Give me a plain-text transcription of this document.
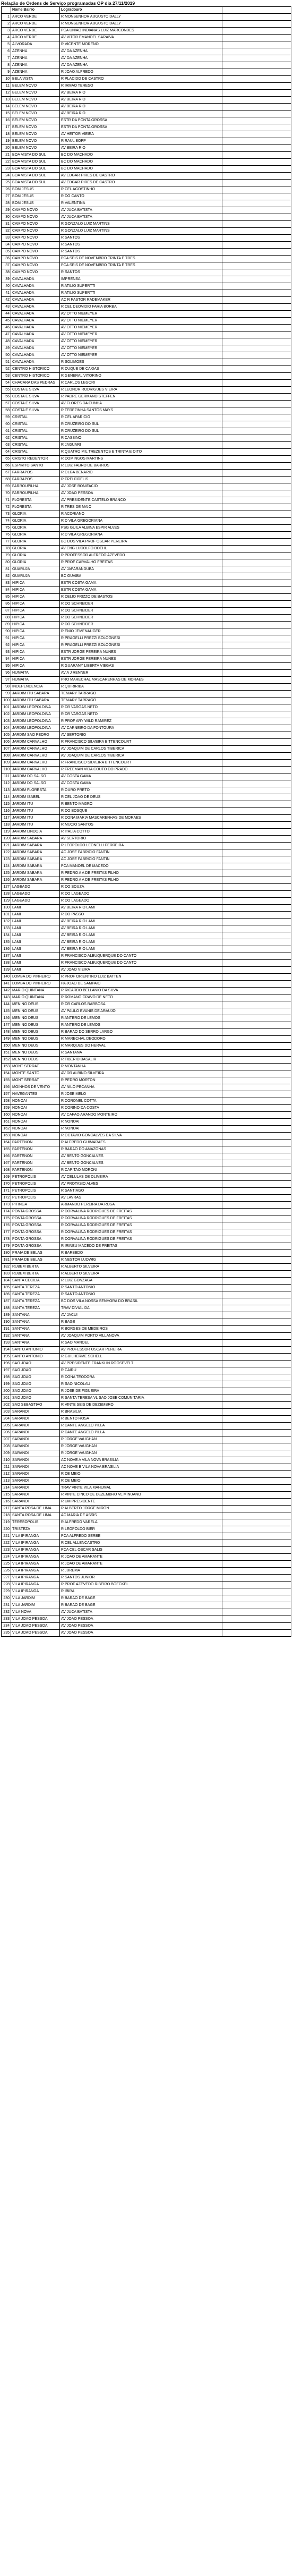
Relação de Ordens de Serviço programadas OP dia 27/11/2019
	Nome Bairro	Logradouro	
1	ARCO VERDE	R MONSENHOR AUGUSTO DALLY	
2	ARCO VERDE	R MONSENHOR AUGUSTO DALLY	
3	ARCO VERDE	PCA UNIAO INDIANAS LUIZ MARCONDES	
4	ARCO VERDE	AV VITOR EMANOEL SARAIVA	
5	ALVORADA	R VICENTE MORENO	
6	AZENHA	AV DA AZENHA	
7	AZENHA	AV DA AZENHA	
8	AZENHA	AV DA AZENHA	
9	AZENHA	R JOAO ALFREDO	
10	BELA VISTA	R PLACIDO DE CASTRO	
11	BELEM NOVO	R IRMAO TERESO	
12	BELEM NOVO	AV BEIRA RIO	
13	BELEM NOVO	AV BEIRA RIO	
14	BELEM NOVO	AV BEIRA RIO	
15	BELEM NOVO	AV BEIRA RIO	
16	BELEM NOVO	ESTR DA PONTA GROSSA	
17	BELEM NOVO	ESTR DA PONTA GROSSA	
18	BELEM NOVO	AV HEITOR VIEIRA	
19	BELEM NOVO	R RAUL BOPP	
20	BELEM NOVO	AV BEIRA RIO	
21	BOA VISTA DO SUL	BC DO MACHADO	
22	BOA VISTA DO SUL	BC DO MACHADO	
23	BOA VISTA DO SUL	BC DO MACHADO	
24	BOA VISTA DO SUL	AV EDGAR PIRES DE CASTRO	
25	BOA VISTA DO SUL	AV EDGAR PIRES DE CASTRO	
26	BOM JESUS	R CEL AGOSTINHO	
27	BOM JESUS	R DO CANTO	
28	BOM JESUS	R VALENTINA	
29	CAMPO NOVO	AV JUCA BATISTA	
30	CAMPO NOVO	AV JUCA BATISTA	
31	CAMPO NOVO	R GONZALO LUIZ MARTINS	
32	CAMPO NOVO	R GONZALO LUIZ MARTINS	
33	CAMPO NOVO	R SANTOS	
34	CAMPO NOVO	R SANTOS	
35	CAMPO NOVO	R SANTOS	
36	CAMPO NOVO	PCA SEIS DE NOVEMBRO TRINTA E TRES	
37	CAMPO NOVO	PCA SEIS DE NOVEMBRO TRINTA E TRES	
38	CAMPO NOVO	R SANTOS	
39	CAVALHADA	IMPRENSA	
40	CAVALHADA	R ATILIO SUPERTTI	
41	CAVALHADA	R ATILIO SUPERTTI	
42	CAVALHADA	AC R PASTOR RADEMAKER	
43	CAVALHADA	R CEL DEOVIDIO FARIA BORBA	
44	CAVALHADA	AV OTTO NIEMEYER	
45	CAVALHADA	AV OTTO NIEMEYER	
46	CAVALHADA	AV OTTO NIEMEYER	
47	CAVALHADA	AV OTTO NIEMEYER	
48	CAVALHADA	AV OTTO NIEMEYER	
49	CAVALHADA	AV OTTO NIEMEYER	
50	CAVALHADA	AV OTTO NIEMEYER	
51	CAVALHADA	R SOLIMOES	
52	CENTRO HISTORICO	R DUQUE DE CAXIAS	
53	CENTRO HISTORICO	R GENERAL VITORINO	
54	CHACARA DAS PEDRAS	R CARLOS LEGORI	
55	COSTA E SILVA	R LEONOR RODRIGUES VIEIRA	
56	COSTA E SILVA	R PADRE GERMANO STEFFEN	
57	COSTA E SILVA	AV FLORES DA CUNHA	
58	COSTA E SILVA	R TEREZINHA SANTOS MAYS	
59	CRISTAL	R CEL APARICIO	
60	CRISTAL	R CRUZEIRO DO SUL	
61	CRISTAL	R CRUZEIRO DO SUL	
62	CRISTAL	R CASSINO	
63	CRISTAL	R JAGUARI	
64	CRISTAL	R QUATRO MIL TREZENTOS E TRINTA E OITO	
65	CRISTO REDENTOR	R DOMINGOS MARTINS	
66	ESPIRITO SANTO	R LUIZ FABRO DE BARROS	
67	FARRAPOS	R OLGA BENARIO	
68	FARRAPOS	R FREI FIDELIS	
69	FARROUPILHA	AV JOSE BONIFACIO	
70	FARROUPILHA	AV JOAO PESSOA	
71	FLORESTA	AV PRESIDENTE CASTELO BRANCO	
72	FLORESTA	R TRES DE MAIO	
73	GLORIA	R ACORIANO	
74	GLORIA	R D VILA GREGORIANA	
75	GLORIA	PSG GUILA ALBINA ESPIR ALVES	
76	GLORIA	R D VILA GREGORIANA	
77	GLORIA	BC DOS VILA PROF OSCAR PEREIRA	
78	GLORIA	AV ENG LUDOLFO BOEHL	
79	GLORIA	R PROFESSOR ALFREDO AZEVEDO	
80	GLORIA	R PROF CARVALHO FREITAS	
81	GUARUJA	AV JAPARANDUBA	
82	GUARUJA	BC GUAIBA	
83	HIPICA	ESTR COSTA GAMA	
84	HIPICA	ESTR COSTA GAMA	
85	HIPICA	R DELIO FRIZZO DE BASTOS	
86	HIPICA	R DO SCHNEIDER	
87	HIPICA	R DO SCHNEIDER	
88	HIPICA	R DO SCHNEIDER	
89	HIPICA	R DO SCHNEIDER	
90	HIPICA	R ENIO JEMENAUGER	
91	HIPICA	R PRAGELLI PREZZI BOLOGNESI	
92	HIPICA	R PRAGELLI PREZZI BOLOGNESI	
93	HIPICA	ESTR JORGE PEREIRA NUNES	
94	HIPICA	ESTR JORGE PEREIRA NUNES	
95	HIPICA	R GUARANY LIBERTA VIEGAS	
96	HUMAITA	AV A J RENNER	
97	HUMAITA	PRO MARECHAL MASCARENHAS DE MORAES	
98	INDEPENDENCIA	R QUIRIRIBA	
99	JARDIM ITU SABARA	TENIARY TARRAGO	
100	JARDIM ITU SABARA	TENIARY TARRAGO	
101	JARDIM LEOPOLDINA	R DR VARGAS NETO	
102	JARDIM LEOPOLDINA	R DR VARGAS NETO	
103	JARDIM LEOPOLDINA	R PROF ARY WILD RAMIREZ	
104	JARDIM LEOPOLDINA	AV CARNEIRO DA FONTOURA	
105	JARDIM SAO PEDRO	AV SERTORIO	
106	JARDIM CARVALHO	R FRANCISCO SILVEIRA BITTENCOURT	
107	JARDIM CARVALHO	AV JOAQUIM DE CARLOS TIBERICA	
108	JARDIM CARVALHO	AV JOAQUIM DE CARLOS TIBERICA	
109	JARDIM CARVALHO	R FRANCISCO SILVEIRA BITTENCOURT	
110	JARDIM CARVALHO	R FREEMAN VIDA COUTO DO PRADO	
111	JARDIM DO SALSO	AV COSTA GAMA	
112	JARDIM DO SALSO	AV COSTA GAMA	
113	JARDIM FLORESTA	R OURO PRETO	
114	JARDIM ISABEL	R CEL JOAO DE DEUS	
115	JARDIM ITU	R BENTO MAGRO	
116	JARDIM ITU	R DO BOSQUE	
117	JARDIM ITU	R DONA MARIA MASCARENHAS DE MORAES	
118	JARDIM ITU	R MUCIO SANTOS	
119	JARDIM LINDOIA	R ITALIA COTTO	
120	JARDIM SABARA	AV SERTORIO	
121	JARDIM SABARA	R LEOPOLDO LEONELLI FERREIRA	
122	JARDIM SABARA	AC JOSE FABRICIO FANTIN	
123	JARDIM SABARA	AC JOSE FABRICIO FANTIN	
124	JARDIM SABARA	PCA MANOEL DE MACEDO	
125	JARDIM SABARA	R PEDRO A A DE FREITAS FILHO	
126	JARDIM SABARA	R PEDRO A A DE FREITAS FILHO	
127	LAGEADO	R DO SOUZA	
128	LAGEADO	R DO LAGEADO	
129	LAGEADO	R DO LAGEADO	
130	LAMI	AV BEIRA RIO LAMI	
131	LAMI	R DO PASSO	
132	LAMI	AV BEIRA RIO LAMI	
133	LAMI	AV BEIRA RIO LAMI	
134	LAMI	AV BEIRA RIO LAMI	
135	LAMI	AV BEIRA RIO LAMI	
136	LAMI	AV BEIRA RIO LAMI	
137	LAMI	R FRANCISCO ALBUQUERQUE DO CANTO	
138	LAMI	R FRANCISCO ALBUQUERQUE DO CANTO	
139	LAMI	AV JOAO VIEIRA	
140	LOMBA DO PINHEIRO	R PROF ORIENTINO LUIZ BATTEN	
141	LOMBA DO PINHEIRO	PA JOAO DE SAMPAIO	
142	MARIO QUINTANA	R RICARDO BELLANIO DA SILVA	
143	MARIO QUINTANA	R ROMANO CRAVO DE NETO	
144	MENINO DEUS	R DR CARLOS BARBOSA	
145	MENINO DEUS	AV PAULO EVANIS DE ARAUJO	
146	MENINO DEUS	R ANTERO DE LEMOS	
147	MENINO DEUS	R ANTERO DE LEMOS	
148	MENINO DEUS	R BARAO DO SERRO LARGO	
149	MENINO DEUS	R MARECHAL DEODORO	
150	MENINO DEUS	R MARQUES DO HERVAL	
151	MENINO DEUS	R SANTANA	
152	MENINO DEUS	R TIBERIO BASALIR	
153	MONT SERRAT	R MONTANHA	
154	MONTE SANTO	AV DR ALBINO SILVEIRA	
155	MONT SERRAT	R PEDRO MORTON	
156	MOINHOS DE VENTO	AV NILO PECANHA	
157	NAVEGANTES	R JOSE MELO	
158	NONOAI	R CORONEL COTTA	
159	NONOAI	R CORINO DA COSTA	
160	NONOAI	AV CAPAO ARANDO MONTEIRO	
161	NONOAI	R NONOAI	
162	NONOAI	R NONOAI	
163	NONOAI	R OCTAVIO GONCALVES DA SILVA	
164	PARTENON	R ALFREDO GUIMARAES	
165	PARTENON	R BARAO DO AMAZONAS	
166	PARTENON	AV BENTO GONCALVES	
167	PARTENON	AV BENTO GONCALVES	
168	PARTENON	R CAPITAO MORONI	
169	PETROPOLIS	AV CELULAS DE OLIVEIRA	
170	PETROPOLIS	AV PROTASIO ALVES	
171	PETROPOLIS	R SANTIAGO	
172	PETROPOLIS	AV LAVRAS	
173	PITINGA	ARMANDO PEREIRA DA ROSA	
174	PONTA GROSSA	R DORVALINA RODRIGUES DE FREITAS	
175	PONTA GROSSA	R DORVALINA RODRIGUES DE FREITAS	
176	PONTA GROSSA	R DORVALINA RODRIGUES DE FREITAS	
177	PONTA GROSSA	R DORVALINA RODRIGUES DE FREITAS	
178	PONTA GROSSA	R DORVALINA RODRIGUES DE FREITAS	
179	PONTA GROSSA	R IRINEU MACEDO DE FREITAS	
180	PRAIA DE BELAS	R BARBEDO	
181	PRAIA DE BELAS	R NESTOR LUDWIG	
182	RUBEM BERTA	R ALBERTO SILVEIRA	
183	RUBEM BERTA	R ALBERTO SILVEIRA	
184	SANTA CECILIA	R LUIZ GONZAGA	
185	SANTA TEREZA	R SANTO ANTONIO	
186	SANTA TEREZA	R SANTO ANTONIO	
187	SANTA TEREZA	BC DOS VILA NOSSA SENHORA DO BRASIL	
188	SANTA TEREZA	TRAV DIVIAL DA	
189	SANTANA	AV JACUI	
190	SANTANA	R BAGE	
191	SANTANA	R BORGES DE MEDEIROS	
192	SANTANA	AV JOAQUIM PORTO VILLANOVA	
193	SANTANA	R SAO MANOEL	
194	SANTO ANTONIO	AV PROFESSOR OSCAR PEREIRA	
195	SANTO ANTONIO	R GUILHERME SCHELL	
196	SAO JOAO	AV PRESIDENTE FRANKLIN ROOSEVELT	
197	SAO JOAO	R CAIRU	
198	SAO JOAO	R DONA TEODORA	
199	SAO JOAO	R SAO NICOLAU	
200	SAO JOAO	R JOSE DE FIGUEIRA	
201	SAO JOAO	R SANTA TERESA VL SAO JOSE COMUNITARIA	
202	SAO SEBASTIAO	R VINTE SEIS DE DEZEMBRO	
203	SARANDI	R BRASILIA	
204	SARANDI	R BENTO ROSA	
205	SARANDI	R DANTE ANGELO PILLA	
206	SARANDI	R DANTE ANGELO PILLA	
207	SARANDI	R JORGE VAUGHAN	
208	SARANDI	R JORGE VAUGHAN	
209	SARANDI	R JORGE VAUGHAN	
210	SARANDI	AC NOVE A VILA NOVA BRASILIA	
211	SARANDI	AC NOVE B VILA NOVA BRASILIA	
212	SARANDI	R DE MEIO	
213	SARANDI	R DE MEIO	
214	SARANDI	TRAV VINTE VILA MAHUMAL	
215	SARANDI	R VINTE CINCO DE DEZEMBRO VL MINUANO	
216	SARANDI	R UM PRESIDENTE	
217	SANTA ROSA DE LIMA	R ALBERTO JORGE MIRON	
218	SANTA ROSA DE LIMA	AC MARIA DE ASSIS	
219	TERESOPOLIS	R ALFREDO VARELA	
220	TRISTEZA	R LEOPOLDO BIER	
221	VILA IPIRANGA	PCA ALFREDO SERBE	
222	VILA IPIRANGA	R CEL ALLENCASTRO	
223	VILA IPIRANGA	PCA CEL OSCAR SALIS	
224	VILA IPIRANGA	R JOAO DE AMARANTE	
225	VILA IPIRANGA	R JOAO DE AMARANTE	
226	VILA IPIRANGA	R JUREMA	
227	VILA IPIRANGA	R SANTOS JUNIOR	
228	VILA IPIRANGA	R PROF AZEVEDO RIBEIRO BOECKEL	
229	VILA IPIRANGA	R IBIRA	
230	VILA JARDIM	R BARAO DE BAGE	
231	VILA JARDIM	R BARAO DE BAGE	
232	VILA NOVA	AV JUCA BATISTA	
233	VILA JOAO PESSOA	AV JOAO PESSOA	
234	VILA JOAO PESSOA	AV JOAO PESSOA	
235	VILA JOAO PESSOA	AV JOAO PESSOA	
